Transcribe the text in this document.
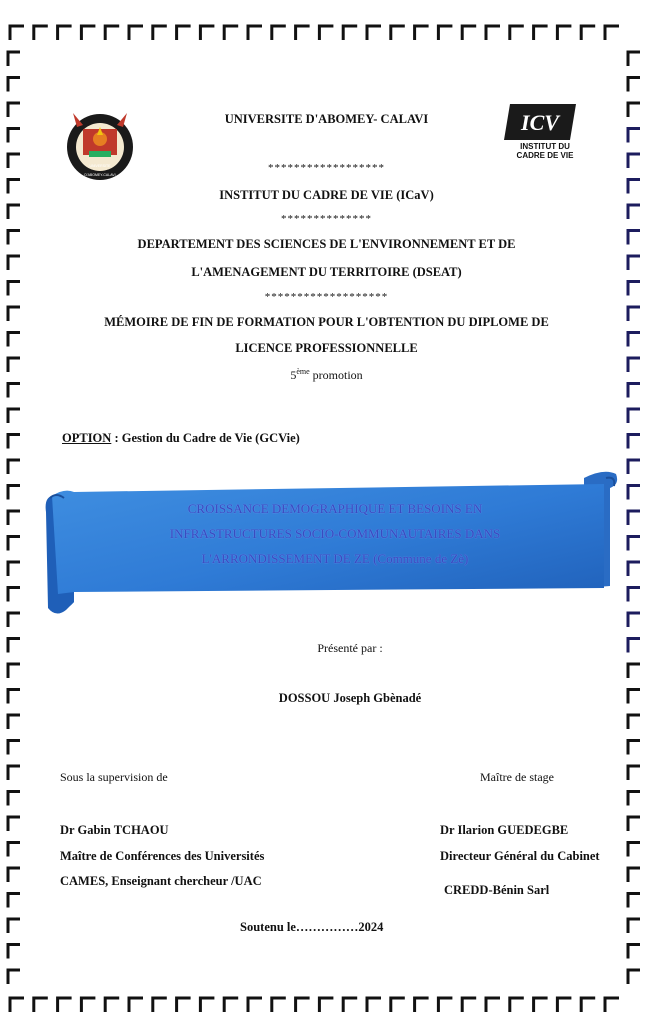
UNIVERSITE
D'ABOMEY-CALAVI
ICV
INSTITUT DU
CADRE DE VIE
UNIVERSITE D'ABOMEY- CALAVI
******************
INSTITUT DU CADRE DE VIE (ICaV)
**************
DEPARTEMENT DES SCIENCES DE L'ENVIRONNEMENT ET DE
L'AMENAGEMENT DU TERRITOIRE (DSEAT)
*******************
MÉMOIRE DE FIN DE FORMATION POUR L'OBTENTION DU DIPLOME DE
LICENCE PROFESSIONNELLE
5ème promotion
OPTION : Gestion du Cadre de Vie (GCVie)
CROISSANCE DEMOGRAPHIQUE ET BESOINS EN
INFRASTRUCTURES SOCIO-COMMUNAUTAIRES DANS
L'ARRONDISSEMENT DE ZE (Commune de Zè)
Présenté par :
DOSSOU Joseph Gbènadé
Sous la supervision de	Maître de stage
Dr Gabin TCHAOU
Maître de Conférences des Universités
CAMES, Enseignant chercheur /UAC
Dr Ilarion GUEDEGBE
Directeur Général du Cabinet
CREDD-Bénin Sarl
Soutenu le……………2024
